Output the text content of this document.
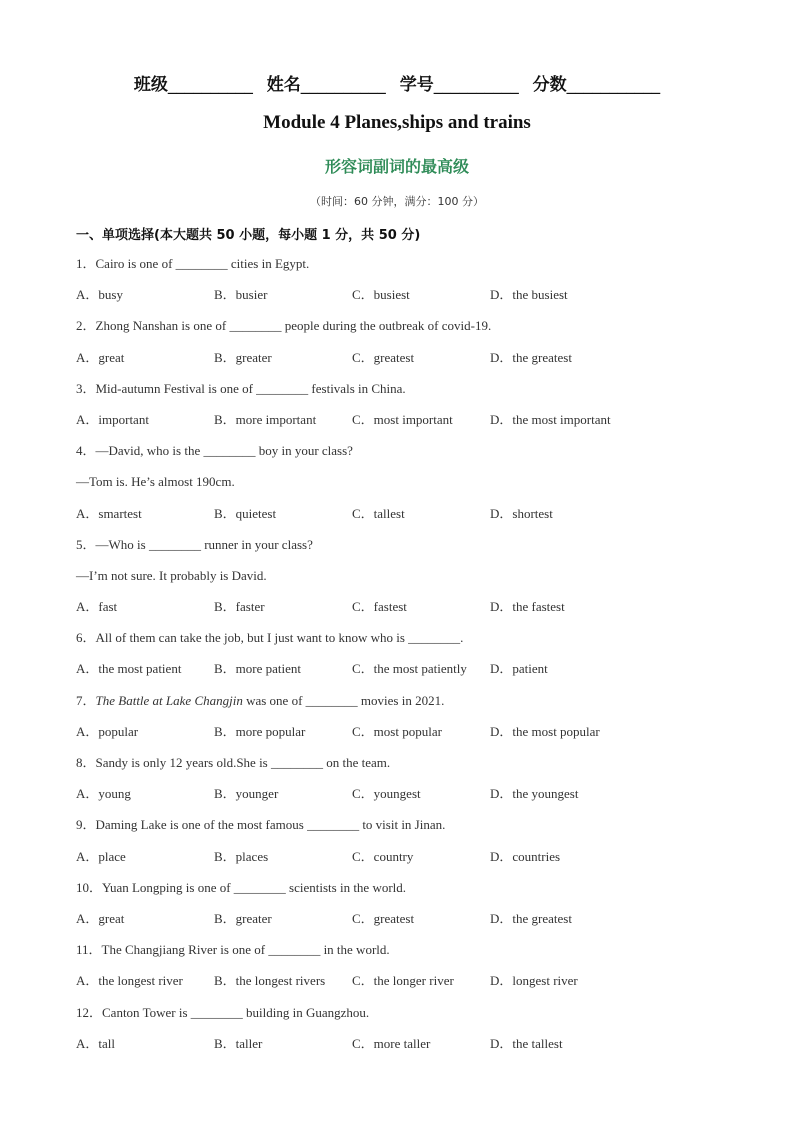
班级__________ 姓名__________ 学号__________ 分数___________
Module 4 Planes,ships and trains
形容词副词的最高级
（时间：60 分钟，满分：100 分）
一、单项选择(本大题共 50 小题，每小题 1 分，共 50 分)
1．Cairo is one of ________ cities in Egypt.
A．busy	B．busier	C．busiest	D．the busiest
2．Zhong Nanshan is one of ________ people during the outbreak of covid-19.
A．great	B．greater	C．greatest	D．the greatest
3．Mid-autumn Festival is one of ________ festivals in China.
A．important	B．more important	C．most important	D．the most important
4．—David, who is the ________ boy in your class?
—Tom is. He’s almost 190cm.
A．smartest	B．quietest	C．tallest	D．shortest
5．—Who is ________ runner in your class?
—I’m not sure. It probably is David.
A．fast	B．faster	C．fastest	D．the fastest
6．All of them can take the job, but I just want to know who is ________.
A．the most patient	B．more patient	C．the most patiently D．patient
7．The Battle at Lake Changjin was one of ________ movies in 2021.
A．popular	B．more popular	C．most popular	D．the most popular
8．Sandy is only 12 years old.She is ________ on the team.
A．young	B．younger	C．youngest	D．the youngest
9．Daming Lake is one of the most famous ________ to visit in Jinan.
A．place	B．places	C．country	D．countries
10．Yuan Longping is one of ________ scientists in the world.
A．great	B．greater	C．greatest	D．the greatest
11．The Changjiang River is one of ________ in the world.
A．the longest river B．the longest rivers C．the longer river	D．longest river
12．Canton Tower is ________ building in Guangzhou.
A．tall	B．taller	C．more taller	D．the tallest
